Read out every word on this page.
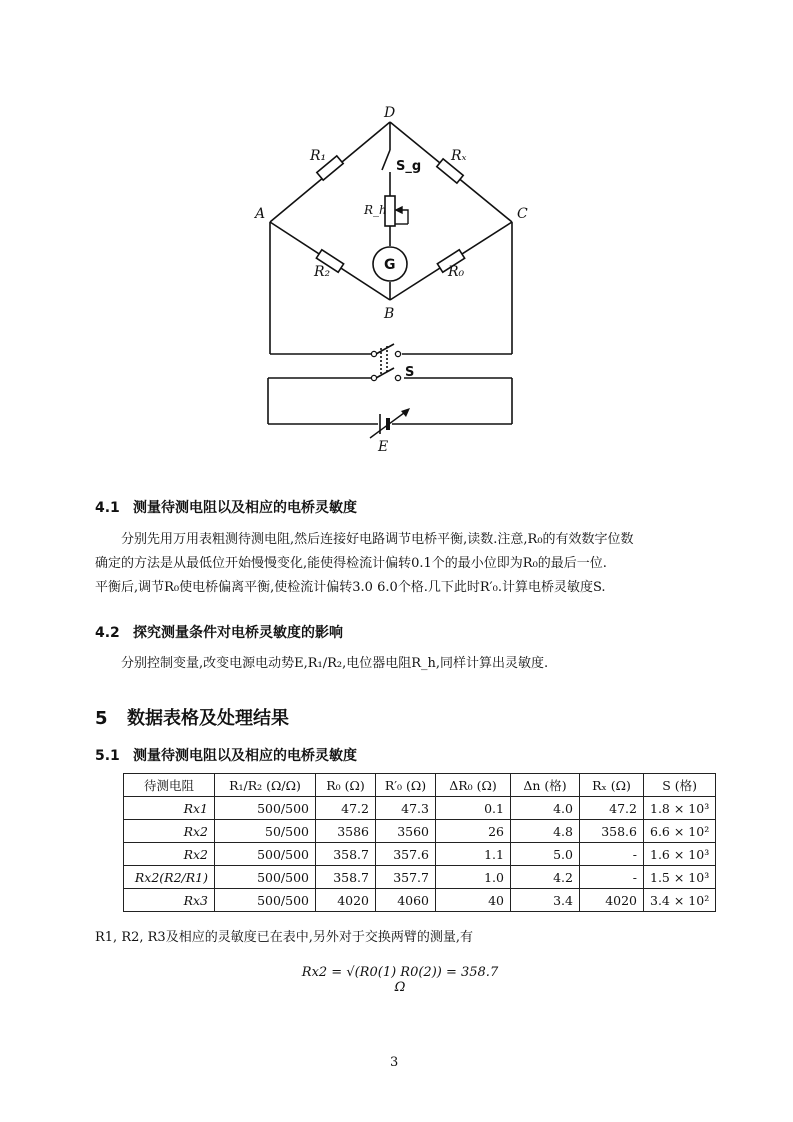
D
A	C
B
E
R₁	Rₓ
R₂	R₀
R_h
S_g
S
G
4.1 测量待测电阻以及相应的电桥灵敏度
分别先用万用表粗测待测电阻,然后连接好电路调节电桥平衡,读数.注意,R₀的有效数字位数
确定的方法是从最低位开始慢慢变化,能使得检流计偏转0.1个的最小位即为R₀的最后一位.
平衡后,调节R₀使电桥偏离平衡,使检流计偏转3.0 6.0个格.几下此时R′₀.计算电桥灵敏度S.
4.2 探究测量条件对电桥灵敏度的影响
分别控制变量,改变电源电动势E,R₁/R₂,电位器电阻R_h,同样计算出灵敏度.
5 数据表格及处理结果
5.1 测量待测电阻以及相应的电桥灵敏度
待测电阻	R₁/R₂ (Ω/Ω)	R₀ (Ω)	R′₀ (Ω)	ΔR₀ (Ω)	Δn (格)	Rₓ (Ω)	S (格)
Rx1	500/500	47.2	47.3	0.1	4.0	47.2	1.8 × 10³
Rx2	50/500	3586	3560	26	4.8	358.6	6.6 × 10²
Rx2	500/500	358.7	357.6	1.1	5.0	-	1.6 × 10³
Rx2(R2/R1)	500/500	358.7	357.7	1.0	4.2	-	1.5 × 10³
Rx3	500/500	4020	4060	40	3.4	4020	3.4 × 10²
R1, R2, R3及相应的灵敏度已在表中,另外对于交换两臂的测量,有
Rx2 = √(R0(1) R0(2)) = 358.7 Ω
3
